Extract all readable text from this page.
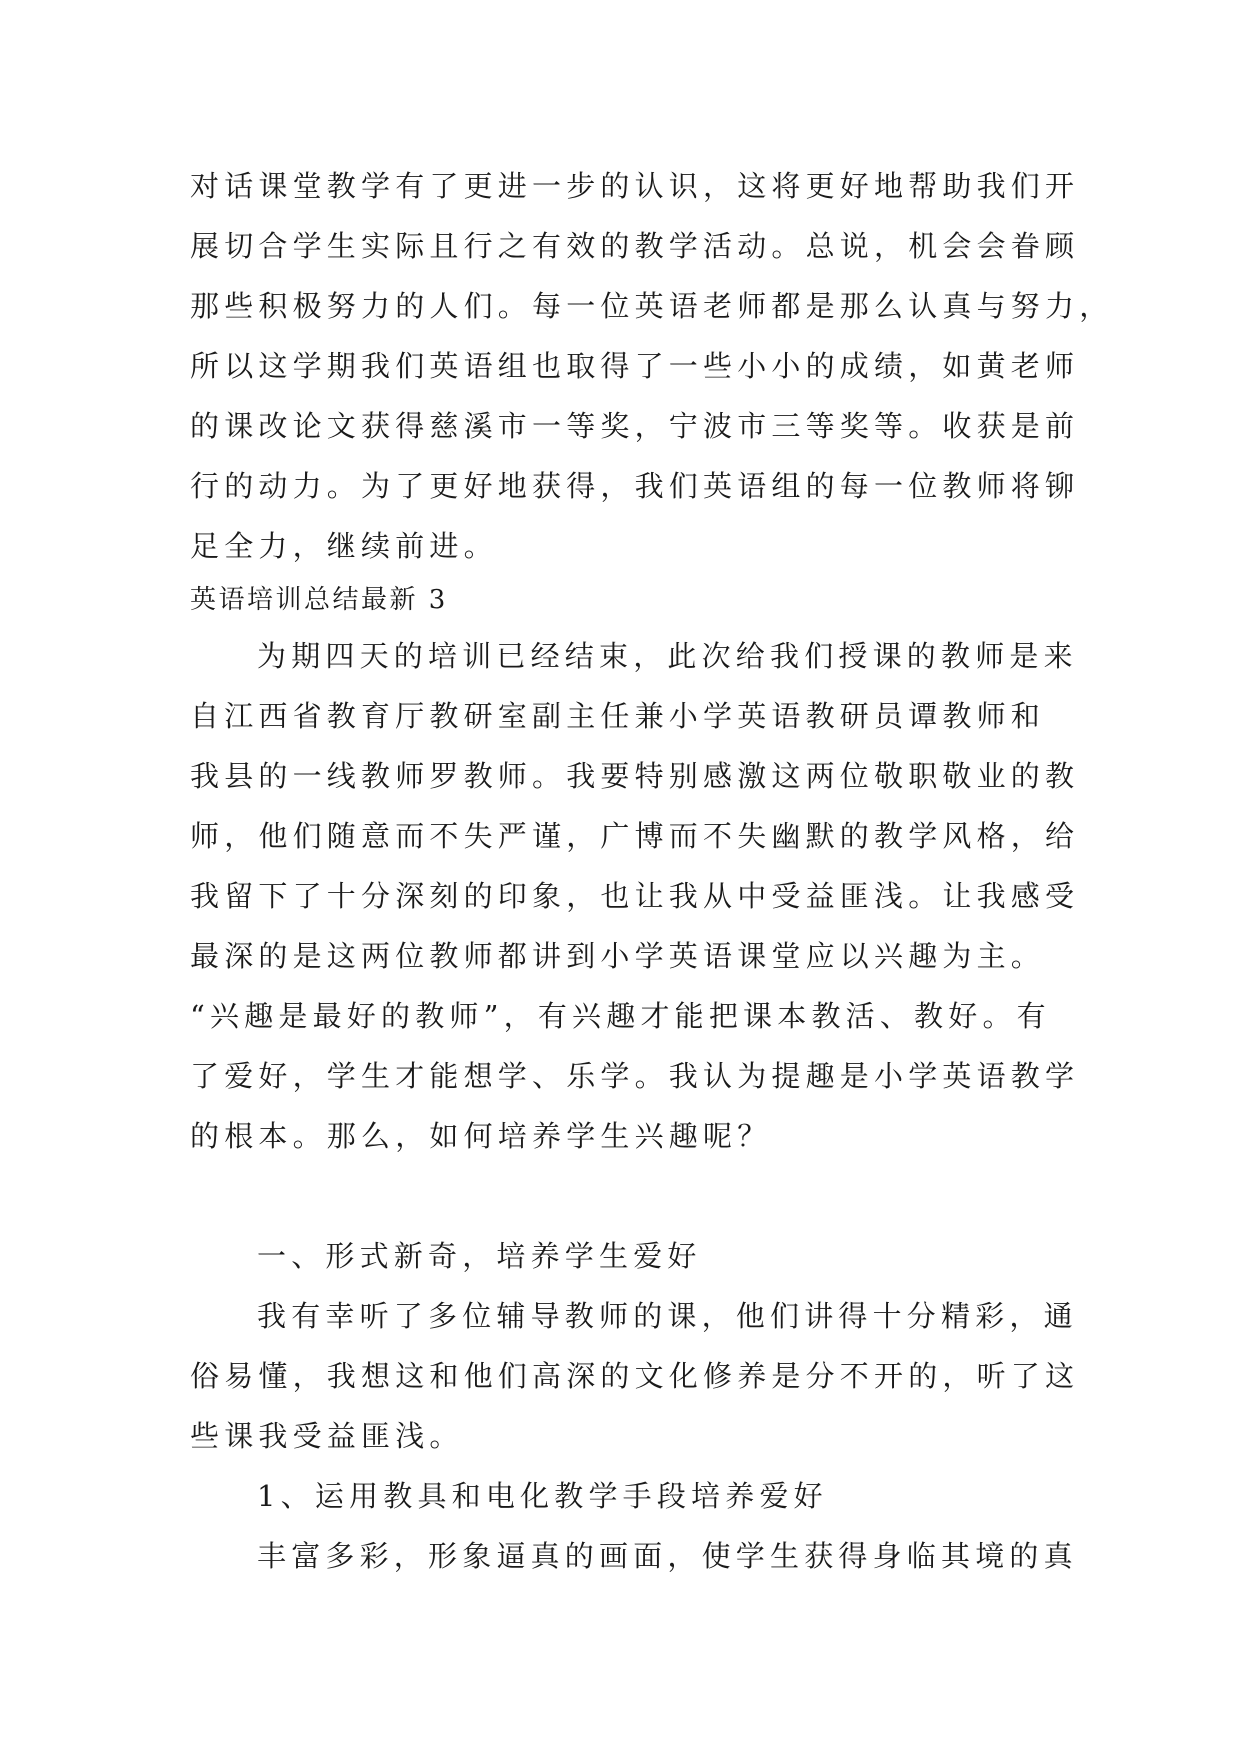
对话课堂教学有了更进一步的认识，这将更好地帮助我们开
展切合学生实际且行之有效的教学活动。总说，机会会眷顾
那些积极努力的人们。每一位英语老师都是那么认真与努力，
所以这学期我们英语组也取得了一些小小的成绩，如黄老师
的课改论文获得慈溪市一等奖，宁波市三等奖等。收获是前
行的动力。为了更好地获得，我们英语组的每一位教师将铆
足全力，继续前进。
英语培训总结最新 3
为期四天的培训已经结束，此次给我们授课的教师是来
自江西省教育厅教研室副主任兼小学英语教研员谭教师和
我县的一线教师罗教师。我要特别感激这两位敬职敬业的教
师，他们随意而不失严谨，广博而不失幽默的教学风格，给
我留下了十分深刻的印象，也让我从中受益匪浅。让我感受
最深的是这两位教师都讲到小学英语课堂应以兴趣为主。
“兴趣是最好的教师”，有兴趣才能把课本教活、教好。有
了爱好，学生才能想学、乐学。我认为提趣是小学英语教学
的根本。那么，如何培养学生兴趣呢？
一、形式新奇，培养学生爱好
我有幸听了多位辅导教师的课，他们讲得十分精彩，通
俗易懂，我想这和他们高深的文化修养是分不开的，听了这
些课我受益匪浅。
1、运用教具和电化教学手段培养爱好
丰富多彩，形象逼真的画面，使学生获得身临其境的真
